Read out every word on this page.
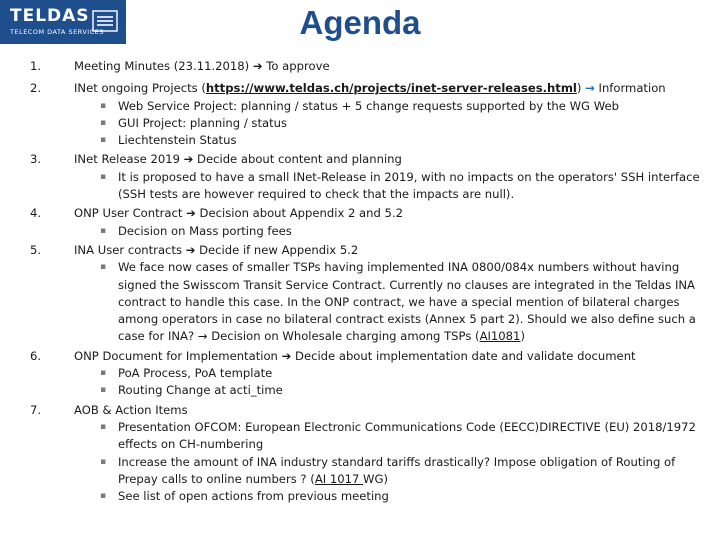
TELDAS
TELECOM DATA SERVICES	Agenda
1.	Meeting Minutes (23.11.2018) ➔ To approve
2.	INet ongoing Projects (https://www.teldas.ch/projects/inet-server-releases.html) → Information
▪ Web Service Project: planning / status + 5 change requests supported by the WG Web
▪ GUI Project: planning / status
▪ Liechtenstein Status
3.	INet Release 2019 ➔ Decide about content and planning
▪ It is proposed to have a small INet-Release in 2019, with no impacts on the operators' SSH interface (SSH tests are however required to check that the impacts are null).
4.	ONP User Contract ➔ Decision about Appendix 2 and 5.2
▪ Decision on Mass porting fees
5.	INA User contracts ➔ Decide if new Appendix 5.2
▪ We face now cases of smaller TSPs having implemented INA 0800/084x numbers without having signed the Swisscom Transit Service Contract. Currently no clauses are integrated in the Teldas INA contract to handle this case. In the ONP contract, we have a special mention of bilateral charges among operators in case no bilateral contract exists (Annex 5 part 2). Should we also define such a case for INA? → Decision on Wholesale charging among TSPs (AI1081)
6.	ONP Document for Implementation ➔ Decide about implementation date and validate document
▪ PoA Process, PoA template
▪ Routing Change at acti_time
7.	AOB & Action Items
▪ Presentation OFCOM: European Electronic Communications Code (EECC)DIRECTIVE (EU) 2018/1972 effects on CH-numbering
▪ Increase the amount of INA industry standard tariffs drastically? Impose obligation of Routing of Prepay calls to online numbers ? (AI 1017 WG)
▪ See list of open actions from previous meeting
